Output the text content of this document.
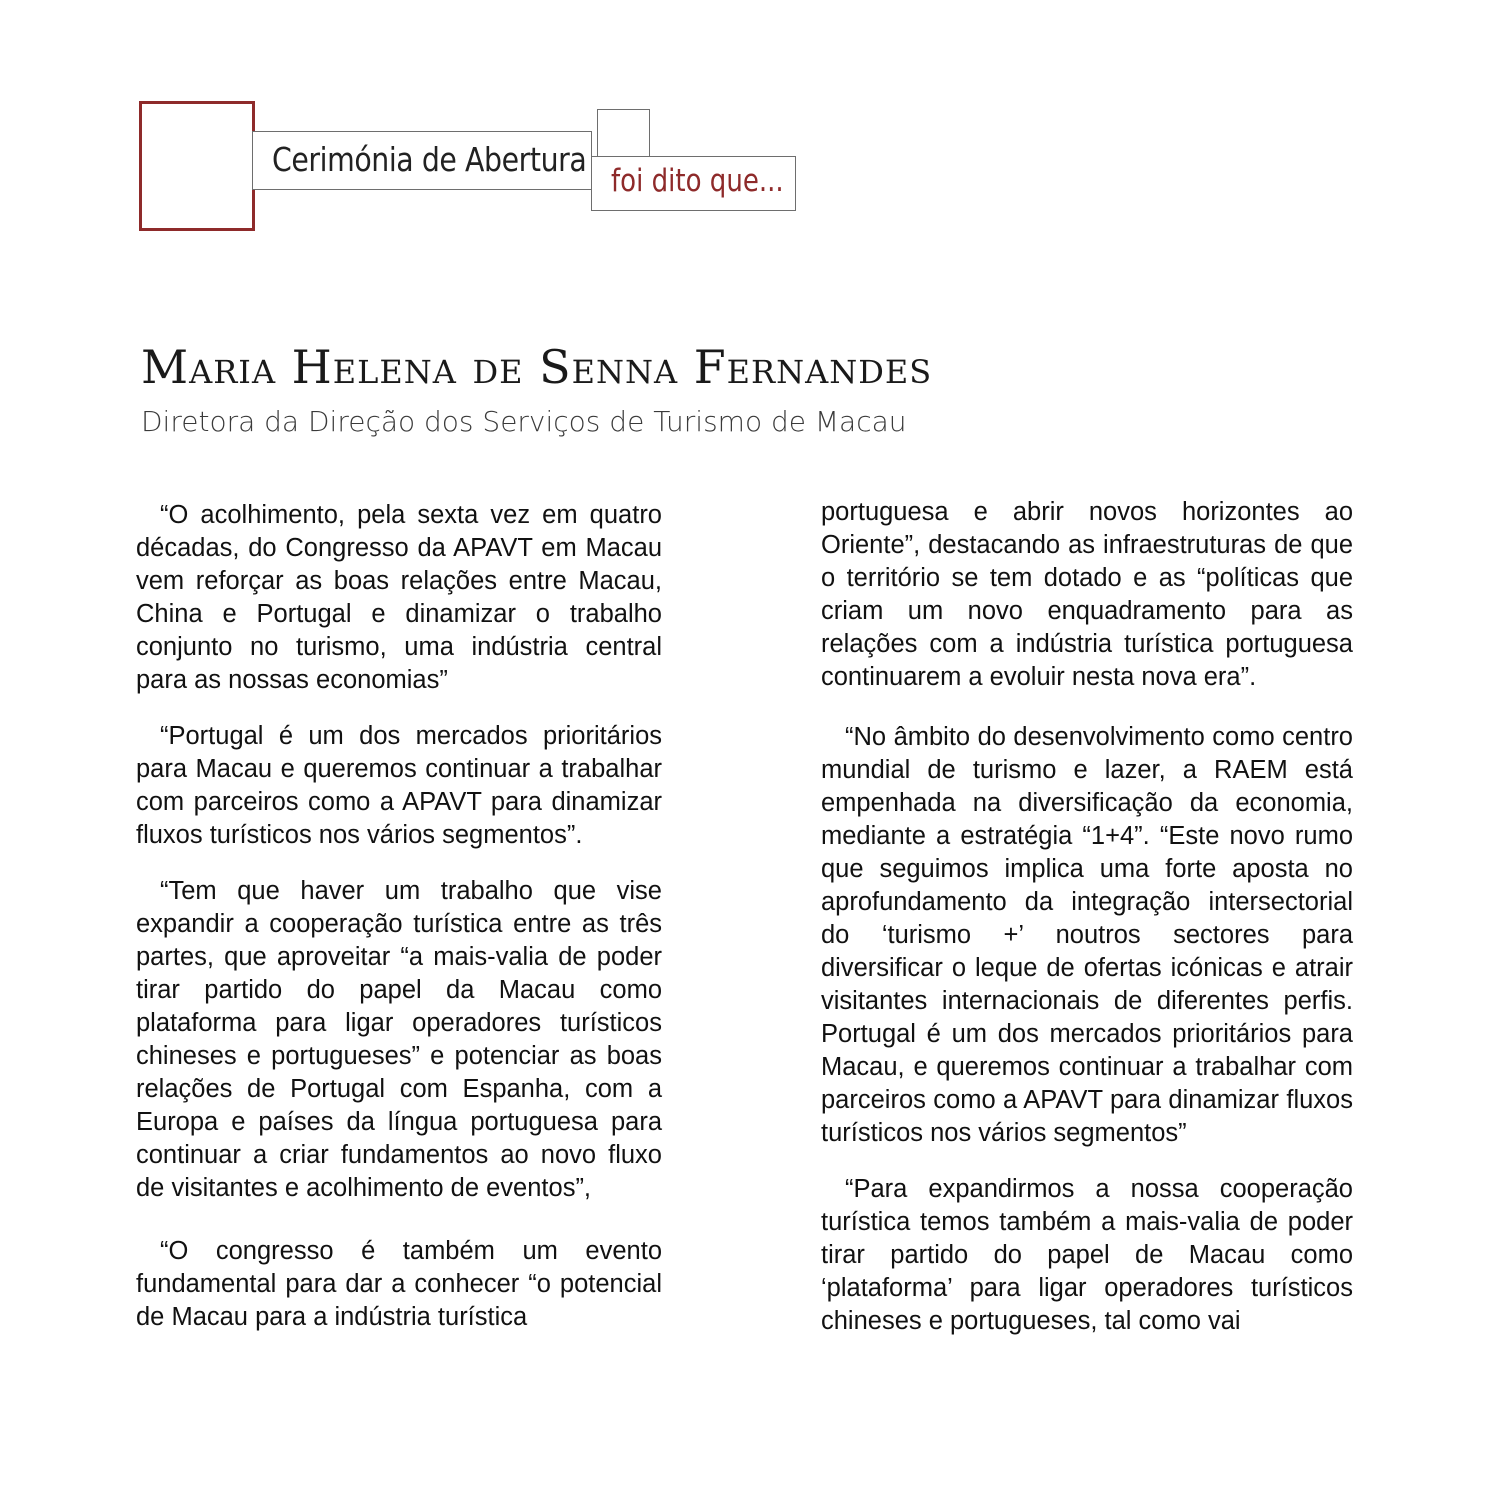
Cerimónia de Abertura
foi dito que...
Maria Helena de Senna Fernandes
Diretora da Direção dos Serviços de Turismo de Macau

“O acolhimento, pela sexta vez em quatro décadas, do Congresso da APAVT em Macau vem reforçar as boas relações entre Macau, China e Portugal e dinamizar o trabalho conjunto no turismo, uma indústria central para as nossas economias”

“Portugal é um dos mercados prioritários para Macau e queremos continuar a trabalhar com parceiros como a APAVT para dinamizar fluxos turísticos nos vários segmentos”.

“Tem que haver um trabalho que vise expandir a cooperação turística entre as três partes, que aproveitar “a mais-valia de poder tirar partido do papel da Macau como plataforma para ligar operadores turísticos chineses e portugueses” e potenciar as boas relações de Portugal com Espanha, com a Europa e países da língua portuguesa para continuar a criar fundamentos ao novo fluxo de visitantes e acolhimento de eventos”,

“O congresso é também um evento fundamental para dar a conhecer “o potencial de Macau para a indústria turística

portuguesa e abrir novos horizontes ao Oriente”, destacando as infraestruturas de que o território se tem dotado e as “políticas que criam um novo enquadramento para as relações com a indústria turística portuguesa continuarem a evoluir nesta nova era”.

“No âmbito do desenvolvimento como centro mundial de turismo e lazer, a RAEM está empenhada na diversificação da economia, mediante a estratégia “1+4”. “Este novo rumo que seguimos implica uma forte aposta no aprofundamento da integração intersectorial do ‘turismo +’ noutros sectores para diversificar o leque de ofertas icónicas e atrair visitantes internacionais de diferentes perfis. Portugal é um dos mercados prioritários para Macau, e queremos continuar a trabalhar com parceiros como a APAVT para dinamizar fluxos turísticos nos vários segmentos”

“Para expandirmos a nossa cooperação turística temos também a mais-valia de poder tirar partido do papel de Macau como ‘plataforma’ para ligar operadores turísticos chineses e portugueses, tal como vai
